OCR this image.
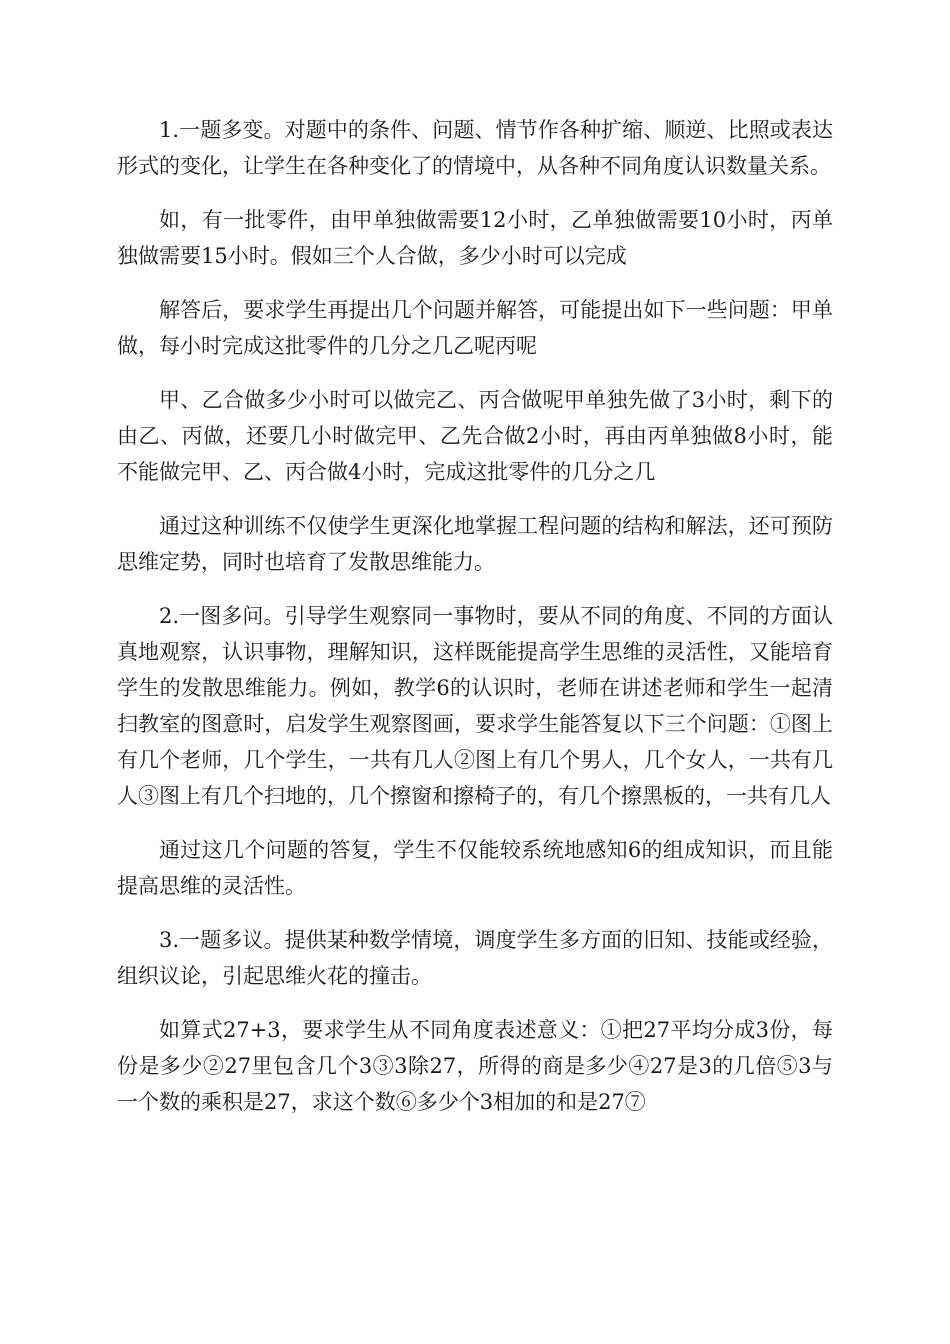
1.一题多变。对题中的条件、问题、情节作各种扩缩、顺逆、比照或表达形式的变化，让学生在各种变化了的情境中，从各种不同角度认识数量关系。

如，有一批零件，由甲单独做需要12小时，乙单独做需要10小时，丙单独做需要15小时。假如三个人合做，多少小时可以完成

解答后，要求学生再提出几个问题并解答，可能提出如下一些问题：甲单做，每小时完成这批零件的几分之几乙呢丙呢

甲、乙合做多少小时可以做完乙、丙合做呢甲单独先做了3小时，剩下的由乙、丙做，还要几小时做完甲、乙先合做2小时，再由丙单独做8小时，能不能做完甲、乙、丙合做4小时，完成这批零件的几分之几

通过这种训练不仅使学生更深化地掌握工程问题的结构和解法，还可预防思维定势，同时也培育了发散思维能力。

2.一图多问。引导学生观察同一事物时，要从不同的角度、不同的方面认真地观察，认识事物，理解知识，这样既能提高学生思维的灵活性，又能培育学生的发散思维能力。例如，教学6的认识时，老师在讲述老师和学生一起清扫教室的图意时，启发学生观察图画，要求学生能答复以下三个问题：①图上有几个老师，几个学生，一共有几人②图上有几个男人，几个女人，一共有几人③图上有几个扫地的，几个擦窗和擦椅子的，有几个擦黑板的，一共有几人

通过这几个问题的答复，学生不仅能较系统地感知6的组成知识，而且能提高思维的灵活性。

3.一题多议。提供某种数学情境，调度学生多方面的旧知、技能或经验，组织议论，引起思维火花的撞击。

如算式27+3，要求学生从不同角度表述意义：①把27平均分成3份，每份是多少②27里包含几个3③3除27，所得的商是多少④27是3的几倍⑤3与一个数的乘积是27，求这个数⑥多少个3相加的和是27⑦
